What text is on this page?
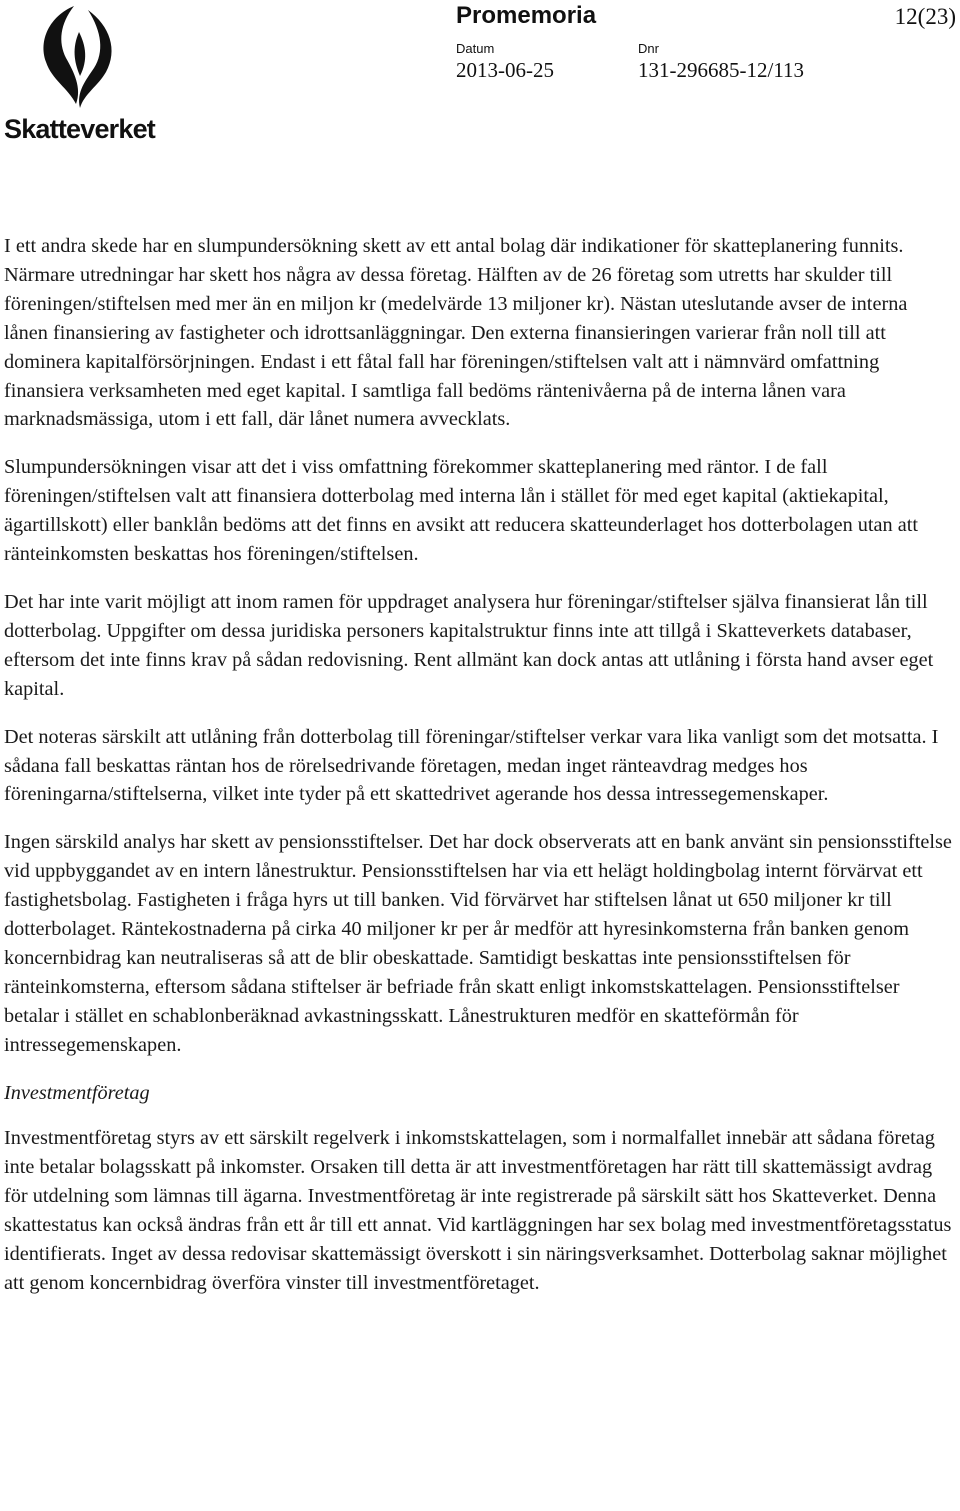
Skatteverket
Promemoria	12(23)
Datum
2013-06-25
Dnr
131-296685-12/113

I ett andra skede har en slumpundersökning skett av ett antal bolag där indikationer för skatteplanering funnits. Närmare utredningar har skett hos några av dessa företag. Hälften av de 26 företag som utretts har skulder till föreningen/stiftelsen med mer än en miljon kr (medelvärde 13 miljoner kr). Nästan uteslutande avser de interna lånen finansiering av fastigheter och idrottsanläggningar. Den externa finansieringen varierar från noll till att dominera kapitalförsörjningen. Endast i ett fåtal fall har föreningen/stiftelsen valt att i nämnvärd omfattning finansiera verksamheten med eget kapital. I samtliga fall bedöms räntenivåerna på de interna lånen vara marknadsmässiga, utom i ett fall, där lånet numera avvecklats.

Slumpundersökningen visar att det i viss omfattning förekommer skatteplanering med räntor. I de fall föreningen/stiftelsen valt att finansiera dotterbolag med interna lån i stället för med eget kapital (aktiekapital, ägartillskott) eller banklån bedöms att det finns en avsikt att reducera skatteunderlaget hos dotterbolagen utan att ränteinkomsten beskattas hos föreningen/stiftelsen.

Det har inte varit möjligt att inom ramen för uppdraget analysera hur föreningar/stiftelser själva finansierat lån till dotterbolag. Uppgifter om dessa juridiska personers kapitalstruktur finns inte att tillgå i Skatteverkets databaser, eftersom det inte finns krav på sådan redovisning. Rent allmänt kan dock antas att utlåning i första hand avser eget kapital.

Det noteras särskilt att utlåning från dotterbolag till föreningar/stiftelser verkar vara lika vanligt som det motsatta. I sådana fall beskattas räntan hos de rörelsedrivande företagen, medan inget ränteavdrag medges hos föreningarna/stiftelserna, vilket inte tyder på ett skattedrivet agerande hos dessa intressegemenskaper.

Ingen särskild analys har skett av pensionsstiftelser. Det har dock observerats att en bank använt sin pensionsstiftelse vid uppbyggandet av en intern lånestruktur. Pensionsstiftelsen har via ett helägt holdingbolag internt förvärvat ett fastighetsbolag. Fastigheten i fråga hyrs ut till banken. Vid förvärvet har stiftelsen lånat ut 650 miljoner kr till dotterbolaget. Räntekostnaderna på cirka 40 miljoner kr per år medför att hyresinkomsterna från banken genom koncernbidrag kan neutraliseras så att de blir obeskattade. Samtidigt beskattas inte pensionsstiftelsen för ränteinkomsterna, eftersom sådana stiftelser är befriade från skatt enligt inkomstskattelagen. Pensionsstiftelser betalar i stället en schablonberäknad avkastningsskatt. Lånestrukturen medför en skatteförmån för intressegemenskapen.

Investmentföretag

Investmentföretag styrs av ett särskilt regelverk i inkomstskattelagen, som i normalfallet innebär att sådana företag inte betalar bolagsskatt på inkomster. Orsaken till detta är att investmentföretagen har rätt till skattemässigt avdrag för utdelning som lämnas till ägarna. Investmentföretag är inte registrerade på särskilt sätt hos Skatteverket. Denna skattestatus kan också ändras från ett år till ett annat. Vid kartläggningen har sex bolag med investmentföretagsstatus identifierats. Inget av dessa redovisar skattemässigt överskott i sin näringsverksamhet. Dotterbolag saknar möjlighet att genom koncernbidrag överföra vinster till investmentföretaget.
